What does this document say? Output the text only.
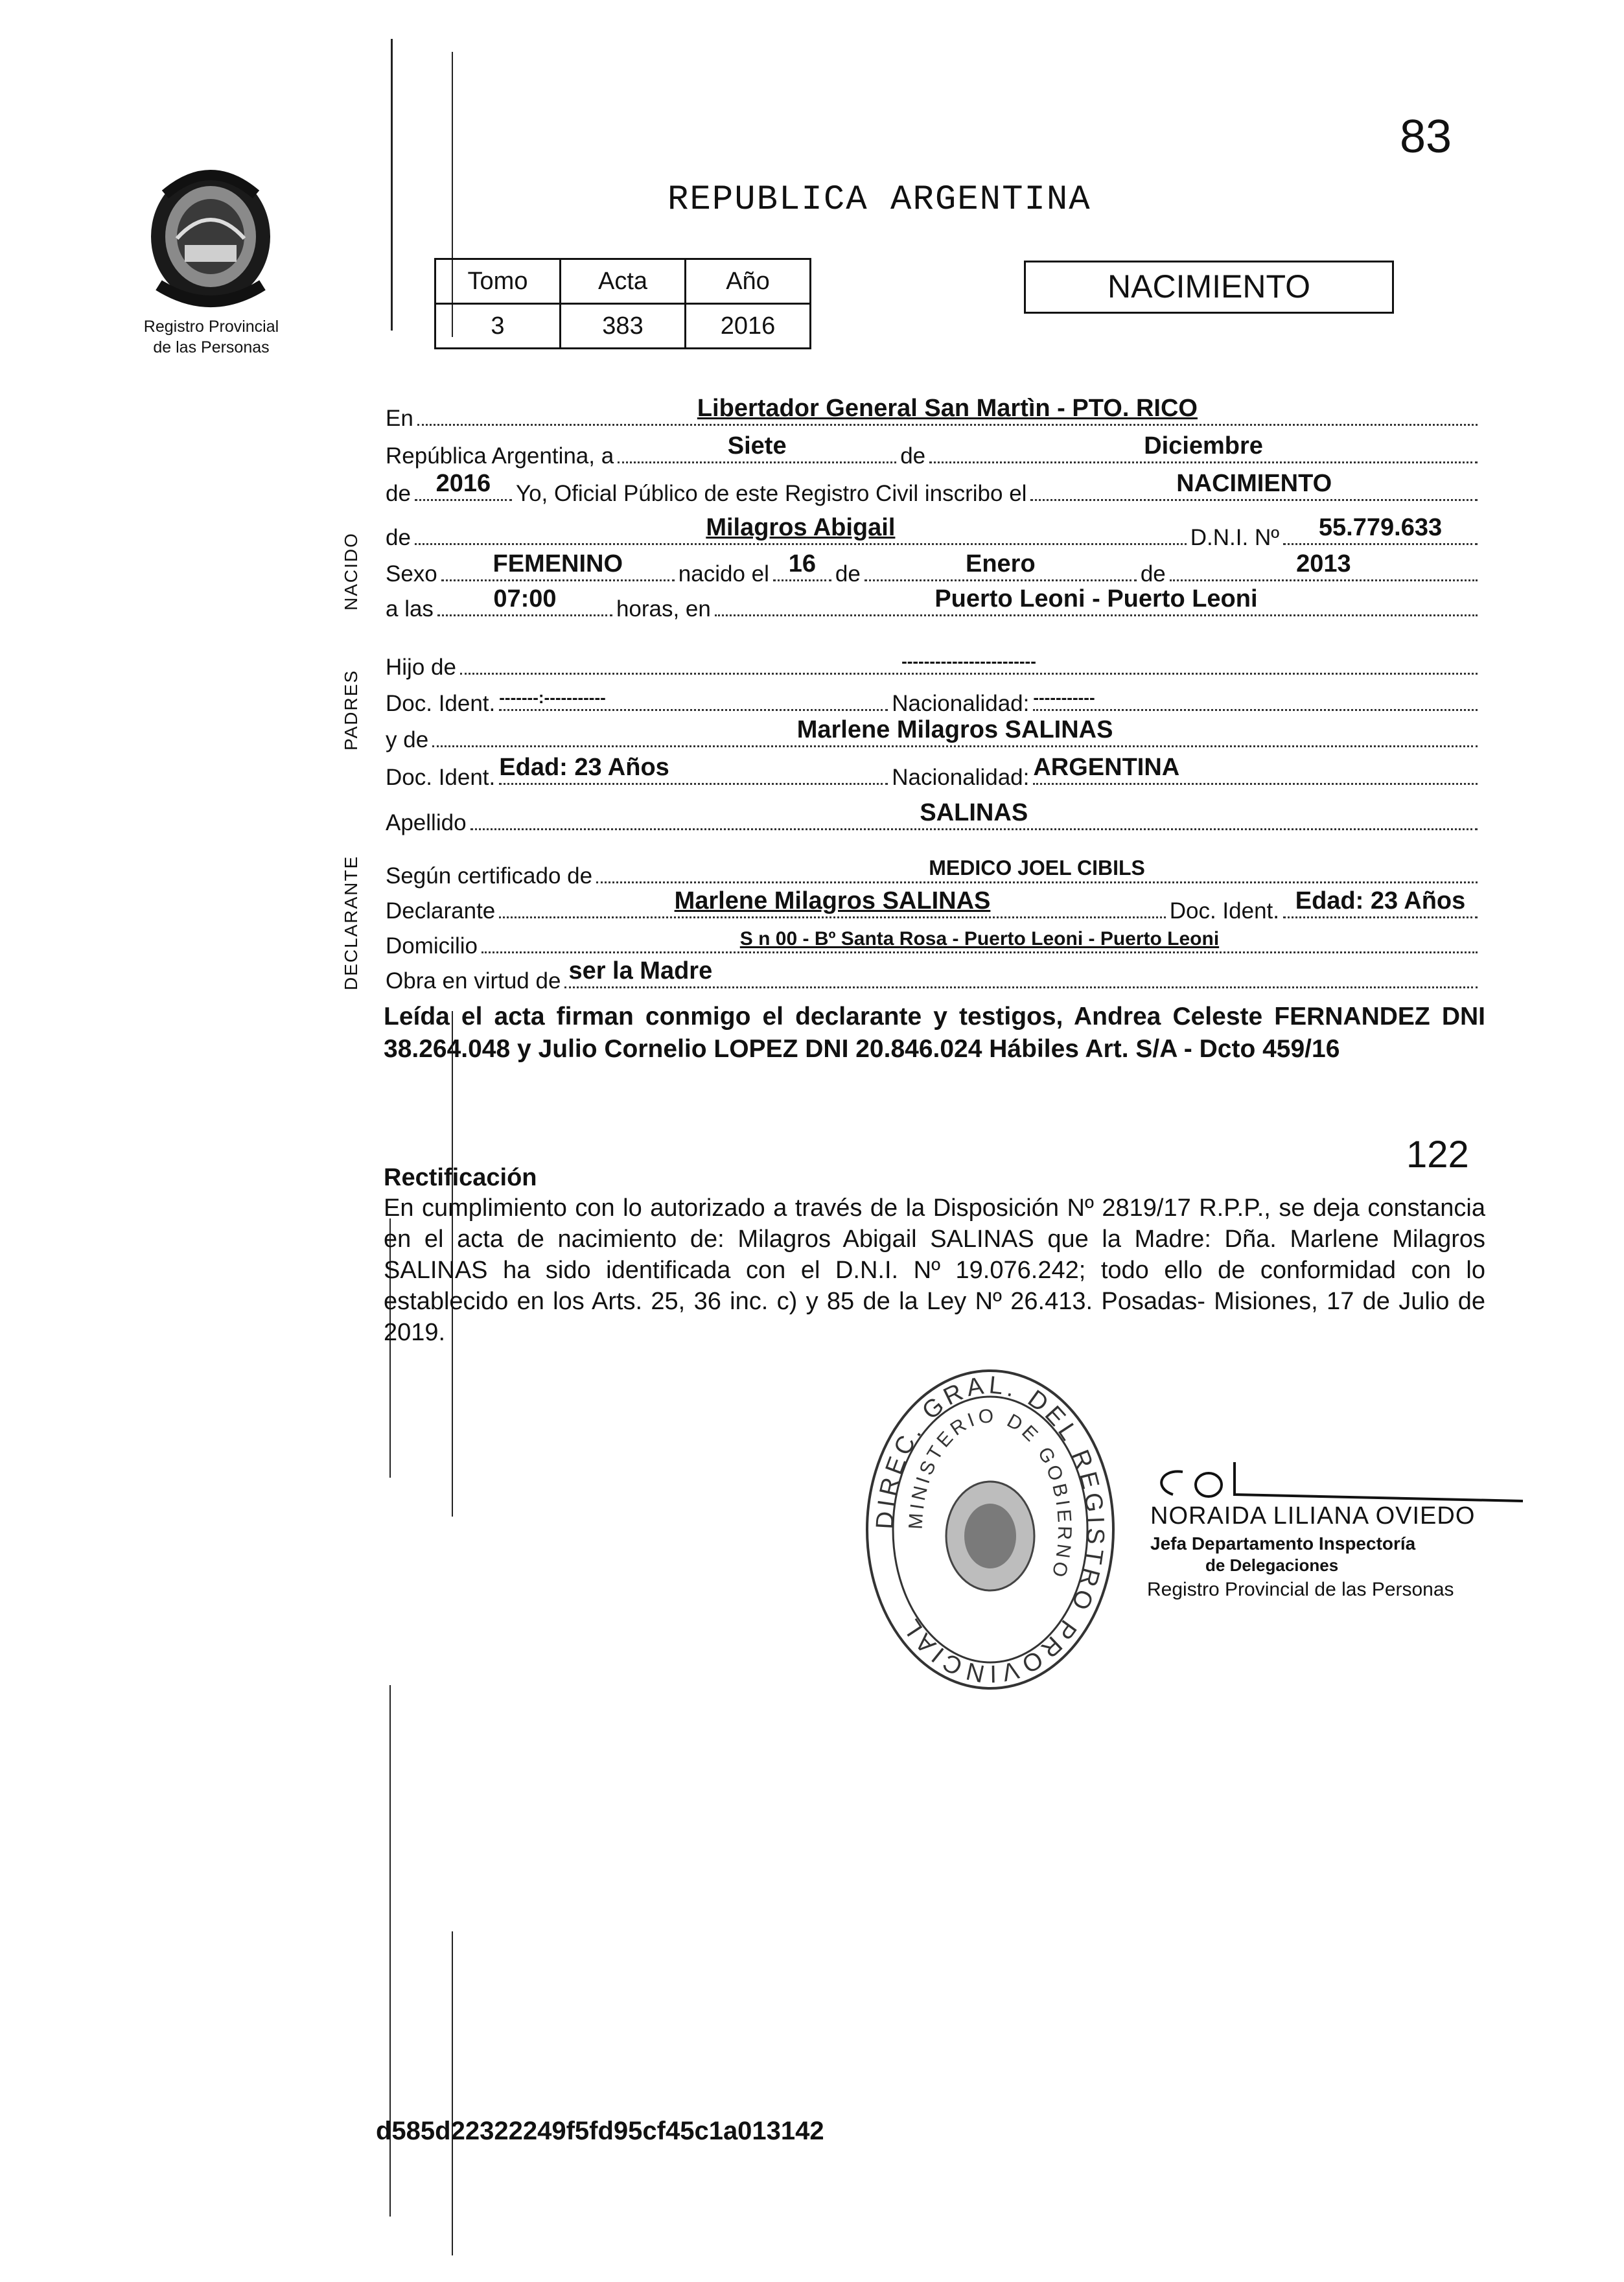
83
Registro Provincial
de las Personas
REPUBLICA ARGENTINA
Tomo	Acta	Año
3	383	2016
NACIMIENTO
NACIDO
PADRES
DECLARANTE
En	Libertador General San Martìn - PTO. RICO
República Argentina, a	Siete	de	Diciembre
de	2016	Yo, Oficial Público de este Registro Civil inscribo el	NACIMIENTO
de	Milagros Abigail	D.N.I. Nº	55.779.633
Sexo	FEMENINO	nacido el 16 de	Enero	de	2013
a las	07:00	horas, en	Puerto Leoni - Puerto Leoni
Hijo de	------------------------
Doc. Ident. -------:-----------	Nacionalidad: -----------
y de	Marlene Milagros SALINAS
Doc. Ident. Edad: 23 Años	Nacionalidad: ARGENTINA
Apellido	SALINAS
Según certificado de	MEDICO JOEL CIBILS
Declarante	Marlene Milagros SALINAS	Doc. Ident. Edad: 23 Años
Domicilio	S n 00 - Bº Santa Rosa - Puerto Leoni - Puerto Leoni
Obra en virtud de ser la Madre
Leída el acta firman conmigo el declarante y testigos, Andrea Celeste FERNANDEZ DNI 38.264.048 y Julio Cornelio LOPEZ DNI 20.846.024 Hábiles Art. S/A - Dcto 459/16
122
Rectificación
En cumplimiento con lo autorizado a través de la Disposición Nº 2819/17 R.P.P., se deja constancia en el acta de nacimiento de: Milagros Abigail SALINAS que la Madre: Dña. Marlene Milagros SALINAS ha sido identificada con el D.N.I. Nº 19.076.242; todo ello de conformidad con lo establecido en los Arts. 25, 36 inc. c) y 85 de la Ley Nº 26.413. Posadas- Misiones, 17 de Julio de 2019.
DIREC. GRAL. DEL REGISTRO PROVINCIAL
MINISTERIO DE GOBIERNO
NORAIDA LILIANA OVIEDO
Jefa Departamento Inspectoría
de Delegaciones
Registro Provincial de las Personas
d585d22322249f5fd95cf45c1a013142
